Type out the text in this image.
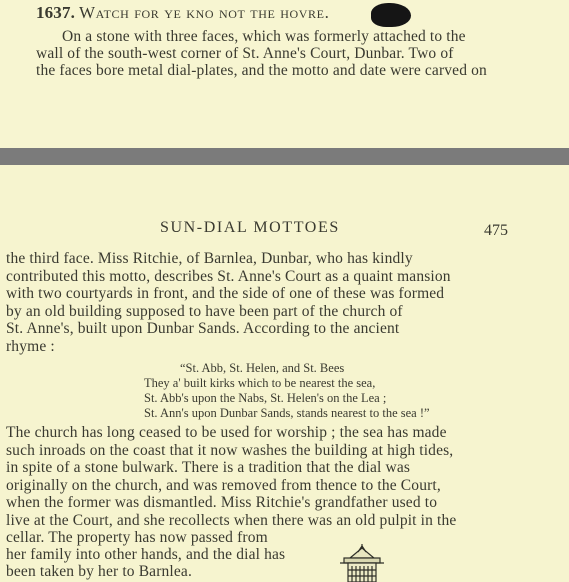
1637. Watch for ye kno not the hovre.
On a stone with three faces, which was formerly attached to the
wall of the south-west corner of St. Anne's Court, Dunbar. Two of
the faces bore metal dial-plates, and the motto and date were carved on
SUN-DIAL MOTTOES	475
the third face. Miss Ritchie, of Barnlea, Dunbar, who has kindly
contributed this motto, describes St. Anne's Court as a quaint mansion
with two courtyards in front, and the side of one of these was formed
by an old building supposed to have been part of the church of
St. Anne's, built upon Dunbar Sands. According to the ancient
rhyme :
“St. Abb, St. Helen, and St. Bees
They a' built kirks which to be nearest the sea,
St. Abb's upon the Nabs, St. Helen's on the Lea ;
St. Ann's upon Dunbar Sands, stands nearest to the sea !”
The church has long ceased to be used for worship ; the sea has made
such inroads on the coast that it now washes the building at high tides,
in spite of a stone bulwark. There is a tradition that the dial was
originally on the church, and was removed from thence to the Court,
when the former was dismantled. Miss Ritchie's grandfather used to
live at the Court, and she recollects when there was an old pulpit in the
cellar. The property has now passed from
her family into other hands, and the dial has
been taken by her to Barnlea.
